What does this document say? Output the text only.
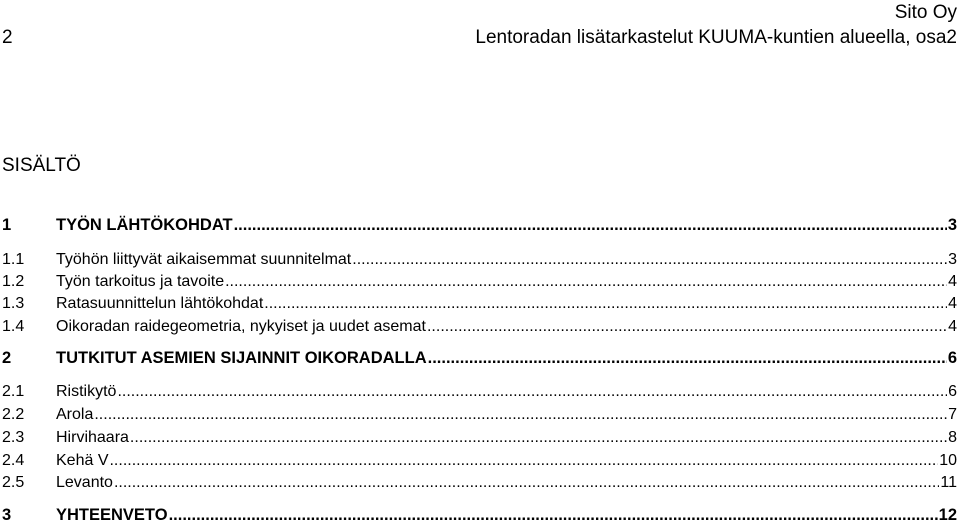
Sito Oy
2	Lentoradan lisätarkastelut KUUMA-kuntien alueella, osa2
SISÄLTÖ
1	TYÖN LÄHTÖKOHDAT .....	3
1.1	Työhön liittyvät aikaisemmat suunnitelmat .....	3
1.2	Työn tarkoitus ja tavoite .....	4
1.3	Ratasuunnittelun lähtökohdat .....	4
1.4	Oikoradan raidegeometria, nykyiset ja uudet asemat .....	4
2	TUTKITUT ASEMIEN SIJAINNIT OIKORADALLA .....	6
2.1	Ristikytö .....	6
2.2	Arola .....	7
2.3	Hirvihaara .....	8
2.4	Kehä V .....	10
2.5	Levanto .....	11
3	YHTEENVETO .....	12
